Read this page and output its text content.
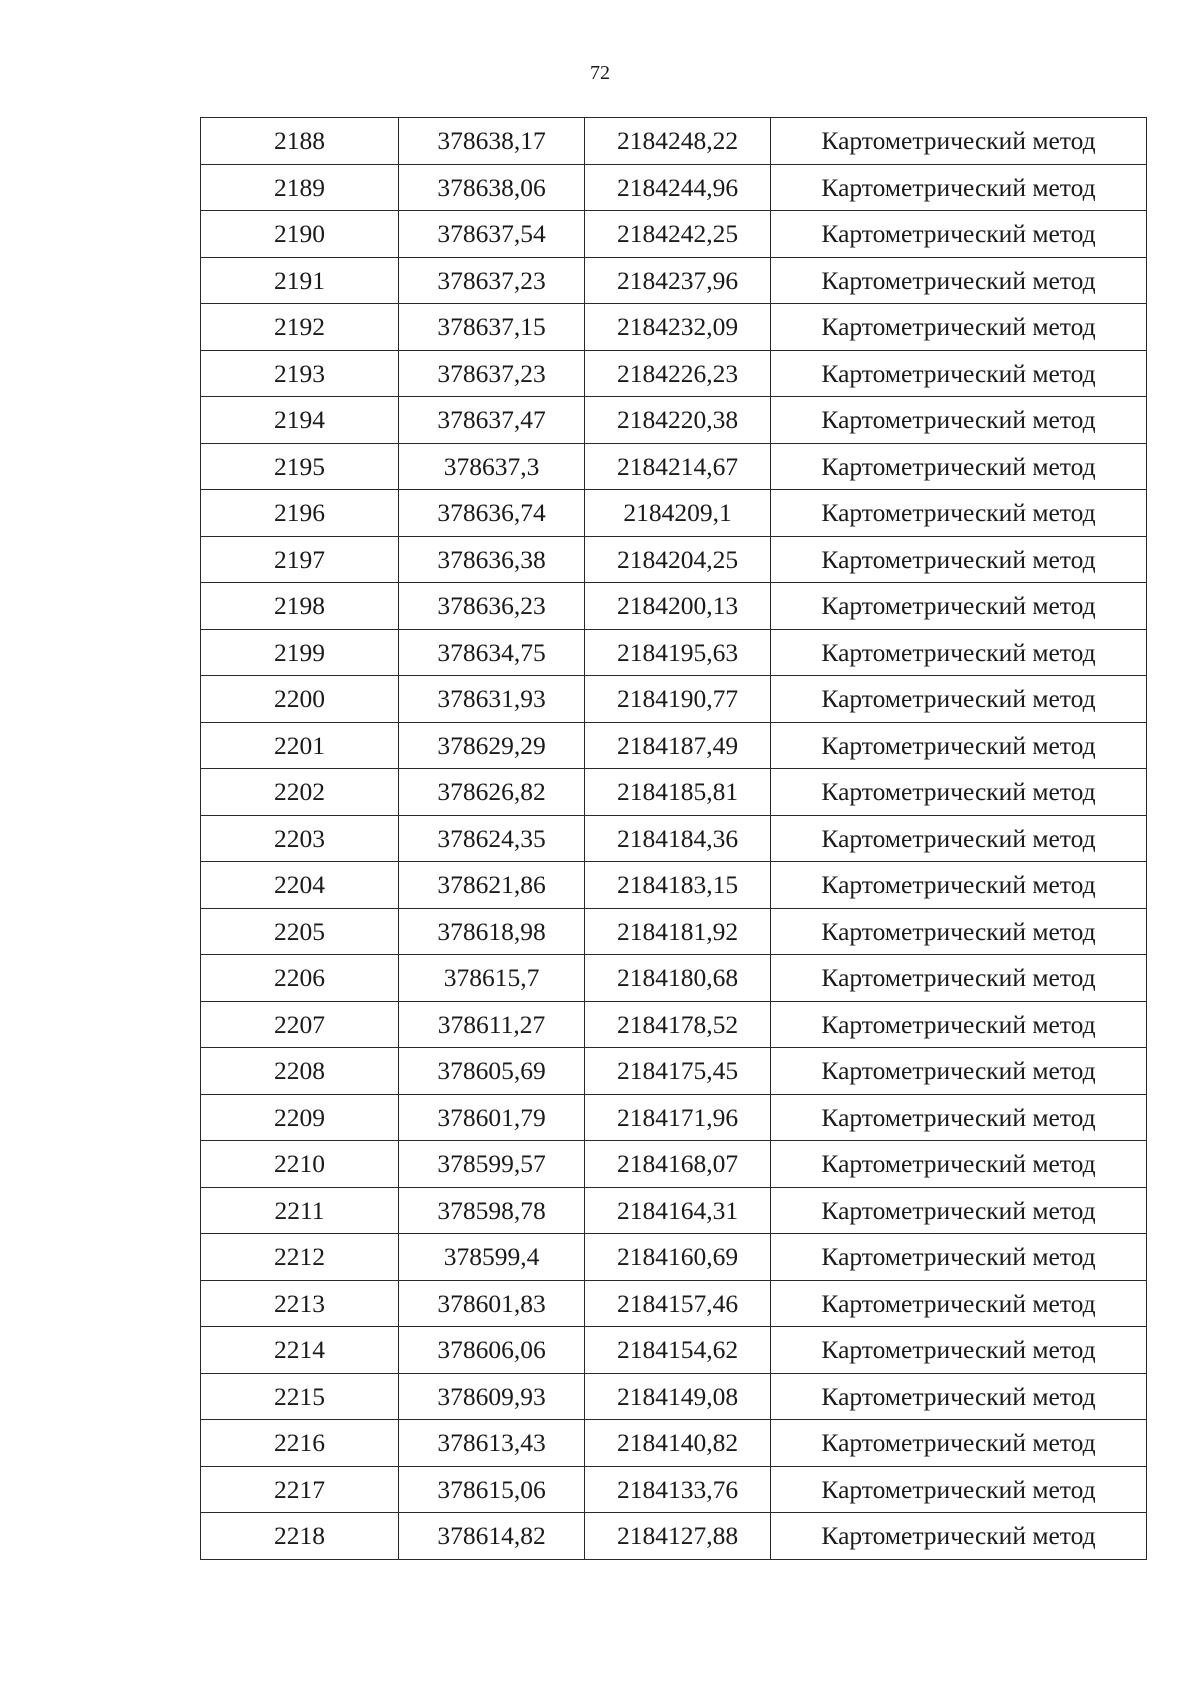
72
2188	378638,17	2184248,22	Картометрический метод
2189	378638,06	2184244,96	Картометрический метод
2190	378637,54	2184242,25	Картометрический метод
2191	378637,23	2184237,96	Картометрический метод
2192	378637,15	2184232,09	Картометрический метод
2193	378637,23	2184226,23	Картометрический метод
2194	378637,47	2184220,38	Картометрический метод
2195	378637,3	2184214,67	Картометрический метод
2196	378636,74	2184209,1	Картометрический метод
2197	378636,38	2184204,25	Картометрический метод
2198	378636,23	2184200,13	Картометрический метод
2199	378634,75	2184195,63	Картометрический метод
2200	378631,93	2184190,77	Картометрический метод
2201	378629,29	2184187,49	Картометрический метод
2202	378626,82	2184185,81	Картометрический метод
2203	378624,35	2184184,36	Картометрический метод
2204	378621,86	2184183,15	Картометрический метод
2205	378618,98	2184181,92	Картометрический метод
2206	378615,7	2184180,68	Картометрический метод
2207	378611,27	2184178,52	Картометрический метод
2208	378605,69	2184175,45	Картометрический метод
2209	378601,79	2184171,96	Картометрический метод
2210	378599,57	2184168,07	Картометрический метод
2211	378598,78	2184164,31	Картометрический метод
2212	378599,4	2184160,69	Картометрический метод
2213	378601,83	2184157,46	Картометрический метод
2214	378606,06	2184154,62	Картометрический метод
2215	378609,93	2184149,08	Картометрический метод
2216	378613,43	2184140,82	Картометрический метод
2217	378615,06	2184133,76	Картометрический метод
2218	378614,82	2184127,88	Картометрический метод
